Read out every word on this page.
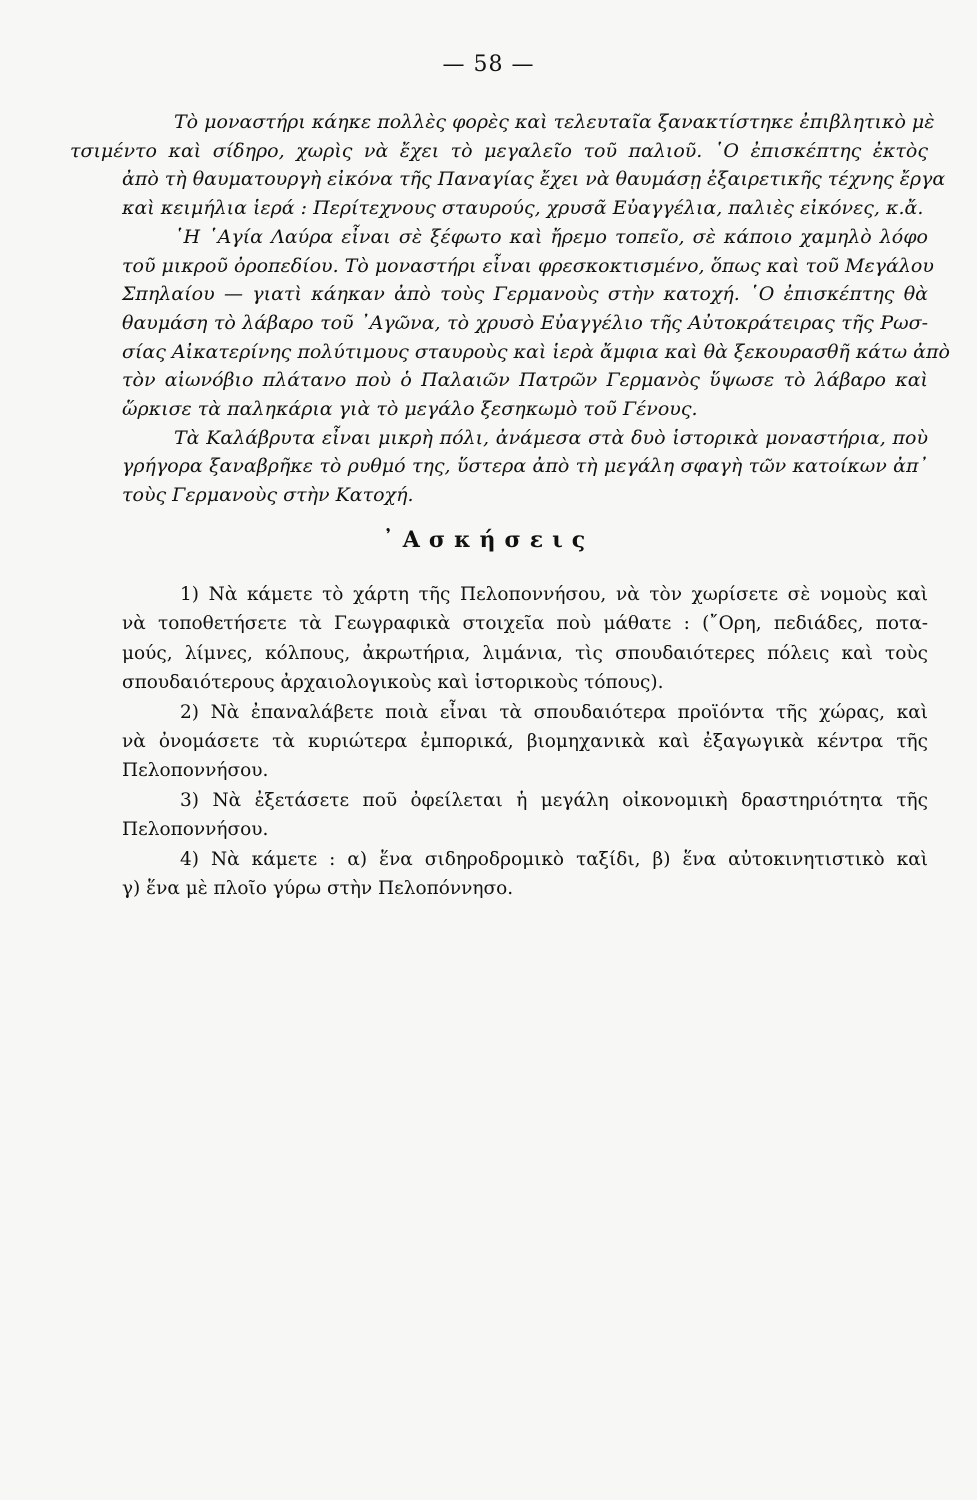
— 58 —

Τὸ μοναστήρι κάηκε πολλὲς φορὲς καὶ τελευταῖα ξανακτίστηκε ἐπιβλητικὸ μὲ
τσιμέντο καὶ σίδηρο, χωρὶς νὰ ἔχει τὸ μεγαλεῖο τοῦ παλιοῦ. ῾Ο ἐπισκέπτης ἐκτὸς
ἀπὸ τὴ θαυματουργὴ εἰκόνα τῆς Παναγίας ἔχει νὰ θαυμάσῃ ἐξαιρετικῆς τέχνης ἔργα
καὶ κειμήλια ἱερά : Περίτεχνους σταυρούς, χρυσᾶ Εὐαγγέλια, παλιὲς εἰκόνες, κ.ἄ.

῾Η ῾Αγία Λαύρα εἶναι σὲ ξέφωτο καὶ ἤρεμο τοπεῖο, σὲ κάποιο χαμηλὸ λόφο
τοῦ μικροῦ ὀροπεδίου. Τὸ μοναστήρι εἶναι φρεσκοκτισμένο, ὅπως καὶ τοῦ Μεγάλου
Σπηλαίου — γιατὶ κάηκαν ἀπὸ τοὺς Γερμανοὺς στὴν κατοχή. ῾Ο ἐπισκέπτης θὰ
θαυμάση τὸ λάβαρο τοῦ ᾿Αγῶνα, τὸ χρυσὸ Εὐαγγέλιο τῆς Αὐτοκράτειρας τῆς Ρωσ-
σίας Αἰκατερίνης πολύτιμους σταυροὺς καὶ ἱερὰ ἄμφια καὶ θὰ ξεκουρασθῆ κάτω ἀπὸ
τὸν αἰωνόβιο πλάτανο ποὺ ὁ Παλαιῶν Πατρῶν Γερμανὸς ὕψωσε τὸ λάβαρο καὶ
ὥρκισε τὰ παληκάρια γιὰ τὸ μεγάλο ξεσηκωμὸ τοῦ Γένους.

Τὰ Καλάβρυτα εἶναι μικρὴ πόλι, ἀνάμεσα στὰ δυὸ ἱστορικὰ μοναστήρια, ποὺ
γρήγορα ξαναβρῆκε τὸ ρυθμό της, ὕστερα ἀπὸ τὴ μεγάλη σφαγὴ τῶν κατοίκων ἀπ᾿
τοὺς Γερμανοὺς στὴν Κατοχή.

᾿Ασκήσεις
1) Νὰ κάμετε τὸ χάρτη τῆς Πελοποννήσου, νὰ τὸν χωρίσετε σὲ νομοὺς καὶ
νὰ τοποθετήσετε τὰ Γεωγραφικὰ στοιχεῖα ποὺ μάθατε : (῎Ορη, πεδιάδες, ποτα-
μούς, λίμνες, κόλπους, ἀκρωτήρια, λιμάνια, τὶς σπουδαιότερες πόλεις καὶ τοὺς
σπουδαιότερους ἀρχαιολογικοὺς καὶ ἱστορικοὺς τόπους).
2) Νὰ ἐπαναλάβετε ποιὰ εἶναι τὰ σπουδαιότερα προϊόντα τῆς χώρας, καὶ
νὰ ὀνομάσετε τὰ κυριώτερα ἐμπορικά, βιομηχανικὰ καὶ ἐξαγωγικὰ κέντρα τῆς
Πελοποννήσου.
3) Νὰ ἐξετάσετε ποῦ ὀφείλεται ἡ μεγάλη οἰκονομικὴ δραστηριότητα τῆς
Πελοποννήσου.
4) Νὰ κάμετε : α) ἕνα σιδηροδρομικὸ ταξίδι, β) ἕνα αὐτοκινητιστικὸ καὶ
γ) ἕνα μὲ πλοῖο γύρω στὴν Πελοπόννησο.
